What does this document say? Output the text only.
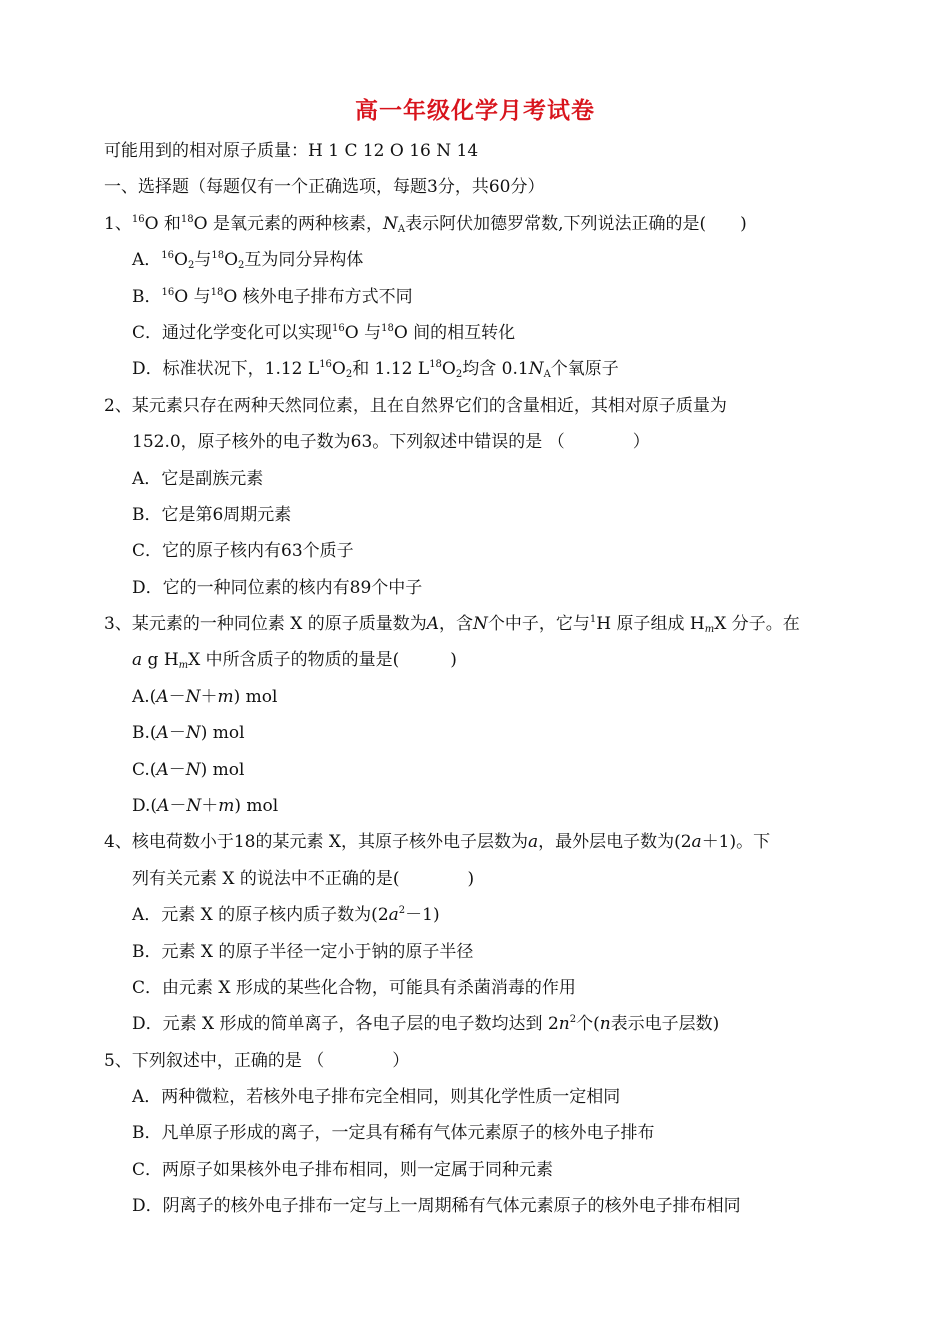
高一年级化学月考试卷
可能用到的相对原子质量：H 1 C 12 O 16 N 14
一、选择题（每题仅有一个正确选项，每题3分，共60分）
1、$^{16}$O 和$^{18}$O 是氧元素的两种核素，$N_A$表示阿伏加德罗常数,下列说法正确的是(　　)
A．$^{16}O_2$与$^{18}O_2$互为同分异构体
B．$^{16}$O 与$^{18}$O 核外电子排布方式不同
C．通过化学变化可以实现$^{16}$O 与$^{18}$O 间的相互转化
D．标准状况下，1.12 $L^{16}O_2$和 1.12 $L^{18}O_2$均含 $0.1N_A$个氧原子
2、某元素只存在两种天然同位素，且在自然界它们的含量相近，其相对原子质量为
152.0，原子核外的电子数为63。下列叙述中错误的是 （　　　　）
A．它是副族元素
B．它是第6周期元素
C．它的原子核内有63个质子
D．它的一种同位素的核内有89个中子
3、某元素的一种同位素 X 的原子质量数为A，含N个中子，它与$^1$H 原子组成 $H_mX$ 分子。在
a g $H_mX$ 中所含质子的物质的量是(　　　)
A.(A－N＋m) mol
B.(A－N) mol
C.(A－N) mol
D.(A－N＋m) mol
4、核电荷数小于18的某元素 X，其原子核外电子层数为a，最外层电子数为(2a＋1)。下
列有关元素 X 的说法中不正确的是(　　　　)
A．元素 X 的原子核内质子数为$(2a^2-1)$
B．元素 X 的原子半径一定小于钠的原子半径
C．由元素 X 形成的某些化合物，可能具有杀菌消毒的作用
D．元素 X 形成的简单离子，各电子层的电子数均达到 $2n^2$个(n表示电子层数)
5、下列叙述中，正确的是 （　　　　）
A．两种微粒，若核外电子排布完全相同，则其化学性质一定相同
B．凡单原子形成的离子，一定具有稀有气体元素原子的核外电子排布
C．两原子如果核外电子排布相同，则一定属于同种元素
D．阴离子的核外电子排布一定与上一周期稀有气体元素原子的核外电子排布相同
